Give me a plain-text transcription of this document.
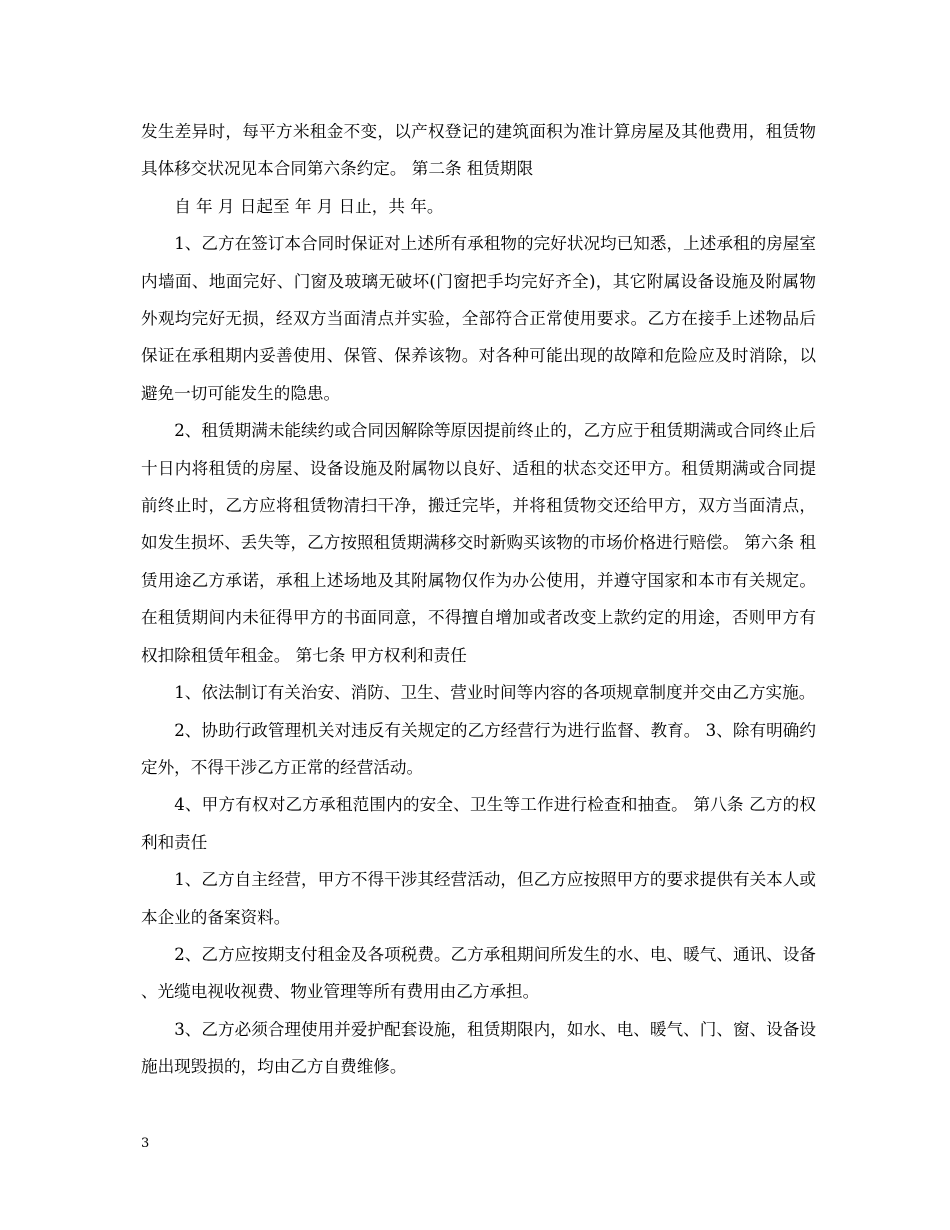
发生差异时，每平方米租金不变，以产权登记的建筑面积为准计算房屋及其他费用，租赁物具体移交状况见本合同第六条约定。 第二条 租赁期限

自 年 月 日起至 年 月 日止，共 年。

1、乙方在签订本合同时保证对上述所有承租物的完好状况均已知悉，上述承租的房屋室内墙面、地面完好、门窗及玻璃无破坏(门窗把手均完好齐全)，其它附属设备设施及附属物外观均完好无损，经双方当面清点并实验，全部符合正常使用要求。乙方在接手上述物品后保证在承租期内妥善使用、保管、保养该物。对各种可能出现的故障和危险应及时消除，以避免一切可能发生的隐患。

2、租赁期满未能续约或合同因解除等原因提前终止的，乙方应于租赁期满或合同终止后十日内将租赁的房屋、设备设施及附属物以良好、适租的状态交还甲方。租赁期满或合同提前终止时，乙方应将租赁物清扫干净，搬迁完毕，并将租赁物交还给甲方，双方当面清点，如发生损坏、丢失等，乙方按照租赁期满移交时新购买该物的市场价格进行赔偿。 第六条 租赁用途乙方承诺，承租上述场地及其附属物仅作为办公使用，并遵守国家和本市有关规定。在租赁期间内未征得甲方的书面同意，不得擅自增加或者改变上款约定的用途，否则甲方有权扣除租赁年租金。 第七条 甲方权利和责任

1、依法制订有关治安、消防、卫生、营业时间等内容的各项规章制度并交由乙方实施。

2、协助行政管理机关对违反有关规定的乙方经营行为进行监督、教育。 3、除有明确约定外，不得干涉乙方正常的经营活动。

4、甲方有权对乙方承租范围内的安全、卫生等工作进行检查和抽查。 第八条 乙方的权利和责任

1、乙方自主经营，甲方不得干涉其经营活动，但乙方应按照甲方的要求提供有关本人或本企业的备案资料。

2、乙方应按期支付租金及各项税费。乙方承租期间所发生的水、电、暖气、通讯、设备、光缆电视收视费、物业管理等所有费用由乙方承担。

3、乙方必须合理使用并爱护配套设施，租赁期限内，如水、电、暖气、门、窗、设备设施出现毁损的，均由乙方自费维修。

3
